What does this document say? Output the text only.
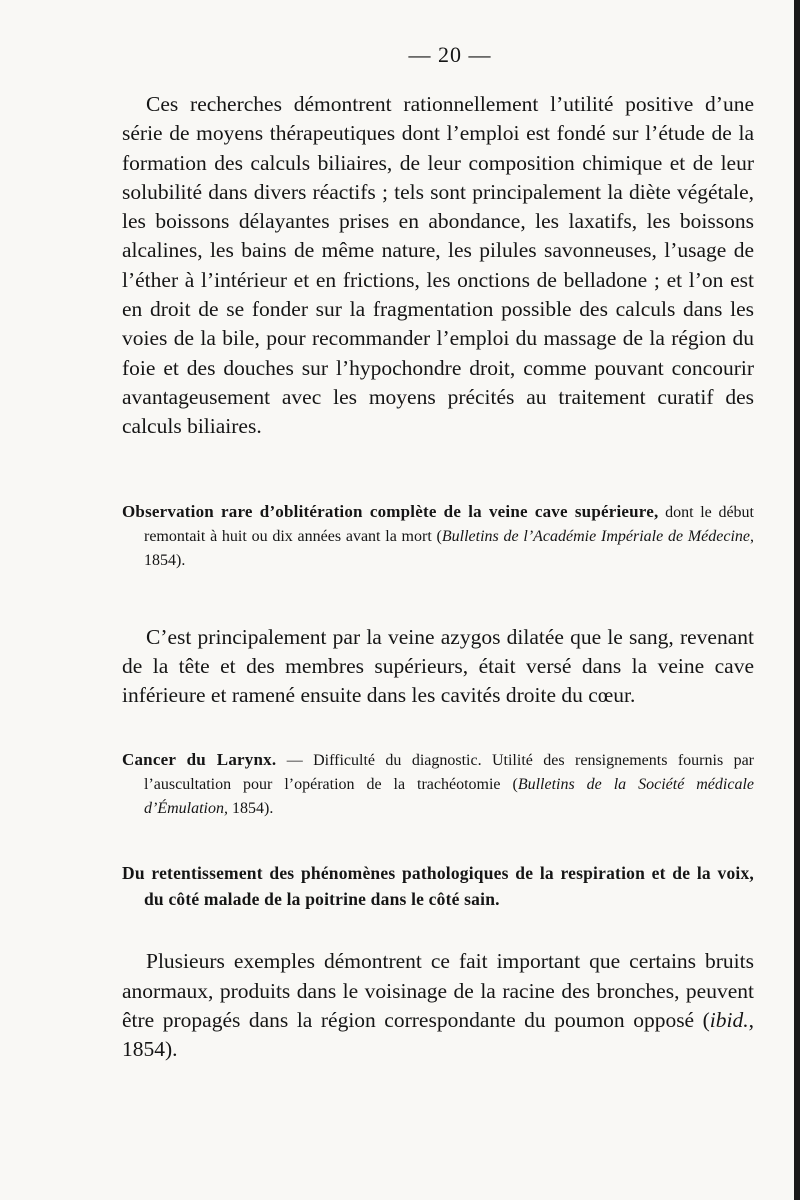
— 20 —

Ces recherches démontrent rationnellement l’utilité positive d’une série de moyens thérapeutiques dont l’emploi est fondé sur l’étude de la formation des calculs biliaires, de leur composition chimique et de leur solubilité dans divers réactifs ; tels sont principalement la diète végétale, les boissons délayantes prises en abondance, les laxatifs, les boissons alcalines, les bains de même nature, les pilules savonneuses, l’usage de l’éther à l’intérieur et en frictions, les onctions de belladone ; et l’on est en droit de se fonder sur la fragmentation possible des calculs dans les voies de la bile, pour recommander l’emploi du massage de la région du foie et des douches sur l’hypochondre droit, comme pouvant concourir avantageusement avec les moyens précités au traitement curatif des calculs biliaires.

Observation rare d’oblitération complète de la veine cave supérieure, dont le début remontait à huit ou dix années avant la mort (Bulletins de l’Académie Impériale de Médecine, 1854).

C’est principalement par la veine azygos dilatée que le sang, revenant de la tête et des membres supérieurs, était versé dans la veine cave inférieure et ramené ensuite dans les cavités droite du cœur.

Cancer du Larynx. — Difficulté du diagnostic. Utilité des rensignements fournis par l’auscultation pour l’opération de la trachéotomie (Bulletins de la Société médicale d’Émulation, 1854).

Du retentissement des phénomènes pathologiques de la respiration et de la voix, du côté malade de la poitrine dans le côté sain.

Plusieurs exemples démontrent ce fait important que certains bruits anormaux, produits dans le voisinage de la racine des bronches, peuvent être propagés dans la région correspondante du poumon opposé (ibid., 1854).
